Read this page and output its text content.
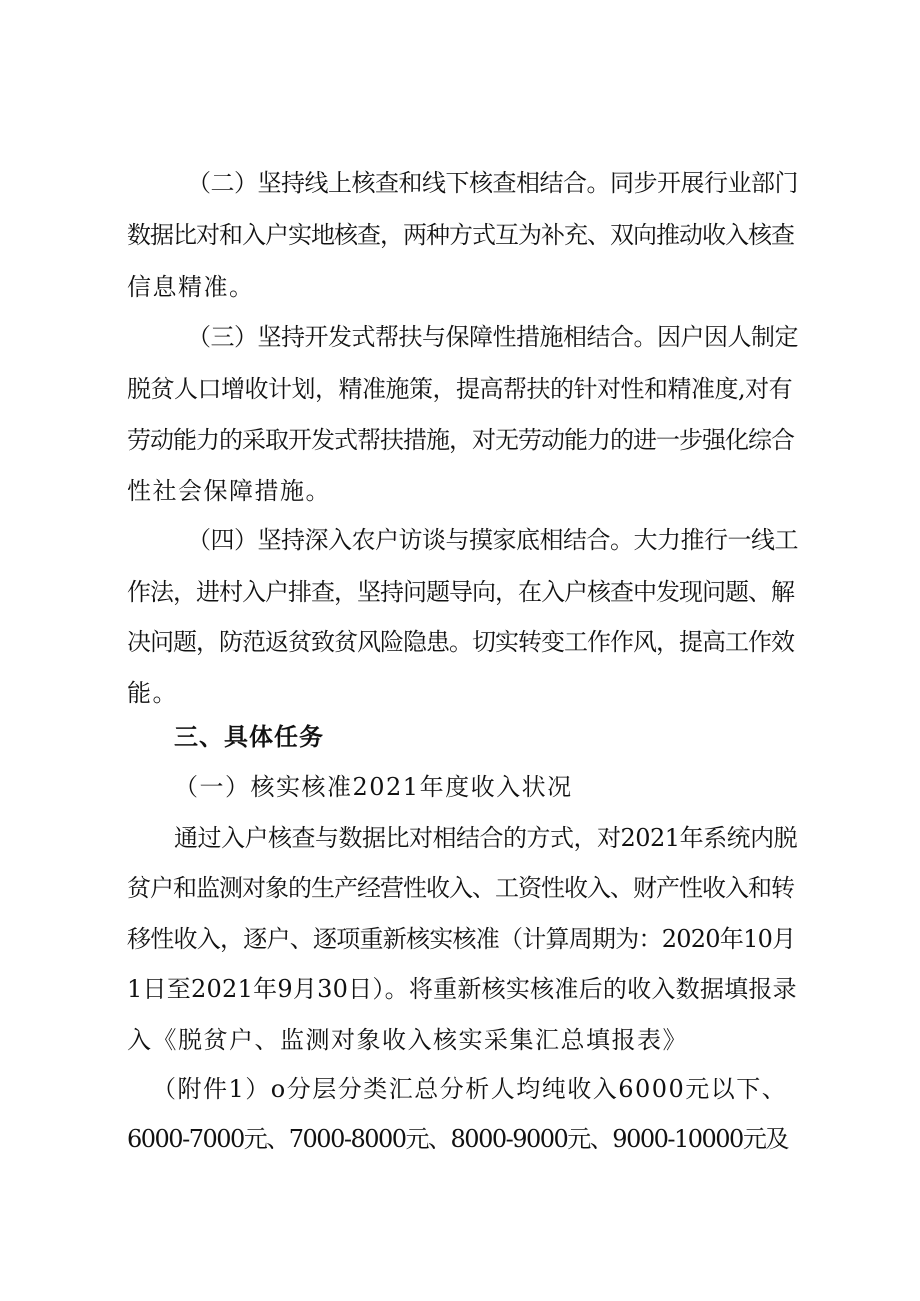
（二）坚持线上核查和线下核查相结合。同步开展行业部门

数据比对和入户实地核查，两种方式互为补充、双向推动收入核查

信息精准。

（三）坚持开发式帮扶与保障性措施相结合。因户因人制定

脱贫人口增收计划，精准施策，提高帮扶的针对性和精准度,对有

劳动能力的采取开发式帮扶措施，对无劳动能力的进一步强化综合

性社会保障措施。

（四）坚持深入农户访谈与摸家底相结合。大力推行一线工

作法，进村入户排查，坚持问题导向，在入户核查中发现问题、解

决问题，防范返贫致贫风险隐患。切实转变工作作风，提高工作效

能。

三、具体任务

（一）核实核准2021年度收入状况

通过入户核查与数据比对相结合的方式，对2021年系统内脱

贫户和监测对象的生产经营性收入、工资性收入、财产性收入和转

移性收入，逐户、逐项重新核实核准（计算周期为：2020年10月

1日至2021年9月30日）。将重新核实核准后的收入数据填报录

入《脱贫户、监测对象收入核实采集汇总填报表》

（附件1）o分层分类汇总分析人均纯收入6000元以下、

6000-7000元、7000-8000元、8000-9000元、9000-10000元及
